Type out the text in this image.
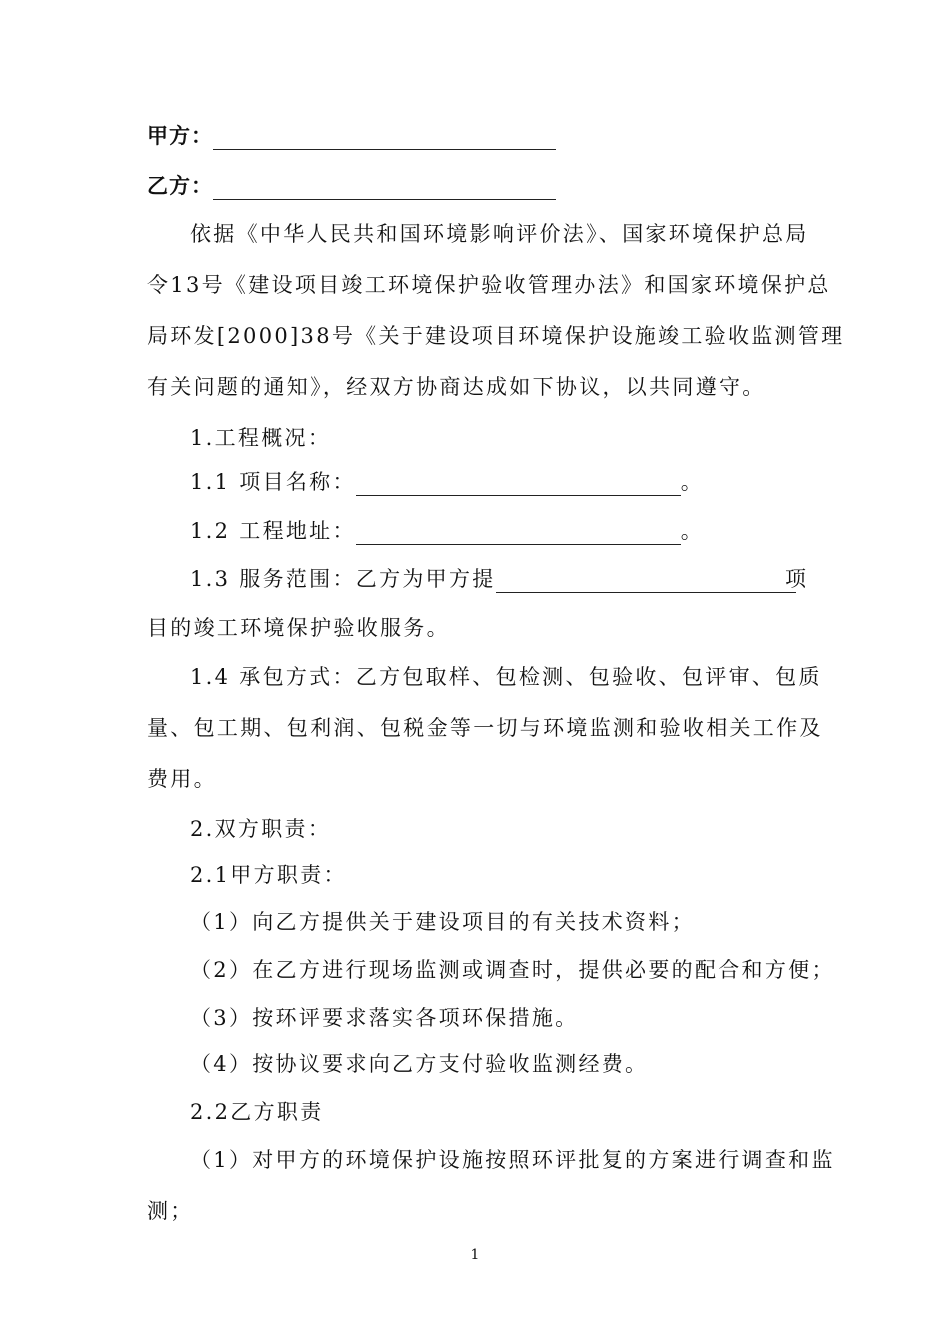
甲方：
乙方：
依据《中华人民共和国环境影响评价法》、国家环境保护总局
令13号《建设项目竣工环境保护验收管理办法》和国家环境保护总
局环发[2000]38号《关于建设项目环境保护设施竣工验收监测管理
有关问题的通知》，经双方协商达成如下协议，以共同遵守。
1.工程概况：
1.1 项目名称：	。
1.2 工程地址：	。
1.3 服务范围：乙方为甲方提	项
目的竣工环境保护验收服务。
1.4 承包方式：乙方包取样、包检测、包验收、包评审、包质
量、包工期、包利润、包税金等一切与环境监测和验收相关工作及
费用。
2.双方职责：
2.1甲方职责：
（1）向乙方提供关于建设项目的有关技术资料；
（2）在乙方进行现场监测或调查时，提供必要的配合和方便；
（3）按环评要求落实各项环保措施。
（4）按协议要求向乙方支付验收监测经费。
2.2乙方职责
（1）对甲方的环境保护设施按照环评批复的方案进行调查和监
测；
1
